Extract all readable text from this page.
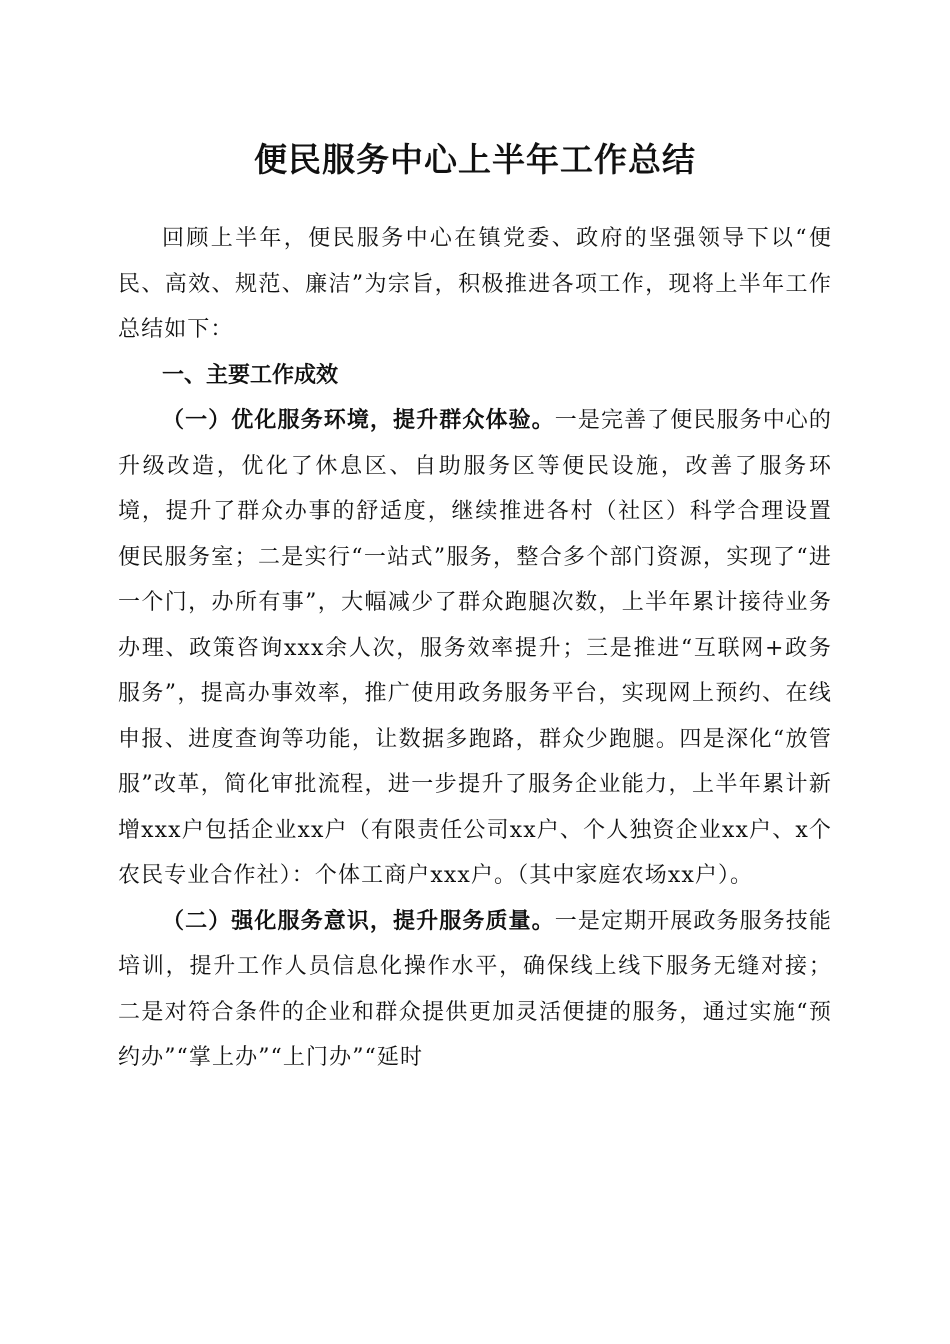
便民服务中心上半年工作总结

回顾上半年，便民服务中心在镇党委、政府的坚强领导下以“便民、高效、规范、廉洁”为宗旨，积极推进各项工作，现将上半年工作总结如下：

一、主要工作成效

（一）优化服务环境，提升群众体验。一是完善了便民服务中心的升级改造，优化了休息区、自助服务区等便民设施，改善了服务环境，提升了群众办事的舒适度，继续推进各村（社区）科学合理设置便民服务室；二是实行“一站式”服务，整合多个部门资源，实现了“进一个门，办所有事”，大幅减少了群众跑腿次数，上半年累计接待业务办理、政策咨询xxx余人次，服务效率提升；三是推进“互联网+政务服务”，提高办事效率，推广使用政务服务平台，实现网上预约、在线申报、进度查询等功能，让数据多跑路，群众少跑腿。四是深化“放管服”改革，简化审批流程，进一步提升了服务企业能力，上半年累计新增xxx户包括企业xx户（有限责任公司xx户、个人独资企业xx户、x个农民专业合作社）：个体工商户xxx户。（其中家庭农场xx户）。

（二）强化服务意识，提升服务质量。一是定期开展政务服务技能培训，提升工作人员信息化操作水平，确保线上线下服务无缝对接；二是对符合条件的企业和群众提供更加灵活便捷的服务，通过实施“预约办”“掌上办”“上门办”“延时
